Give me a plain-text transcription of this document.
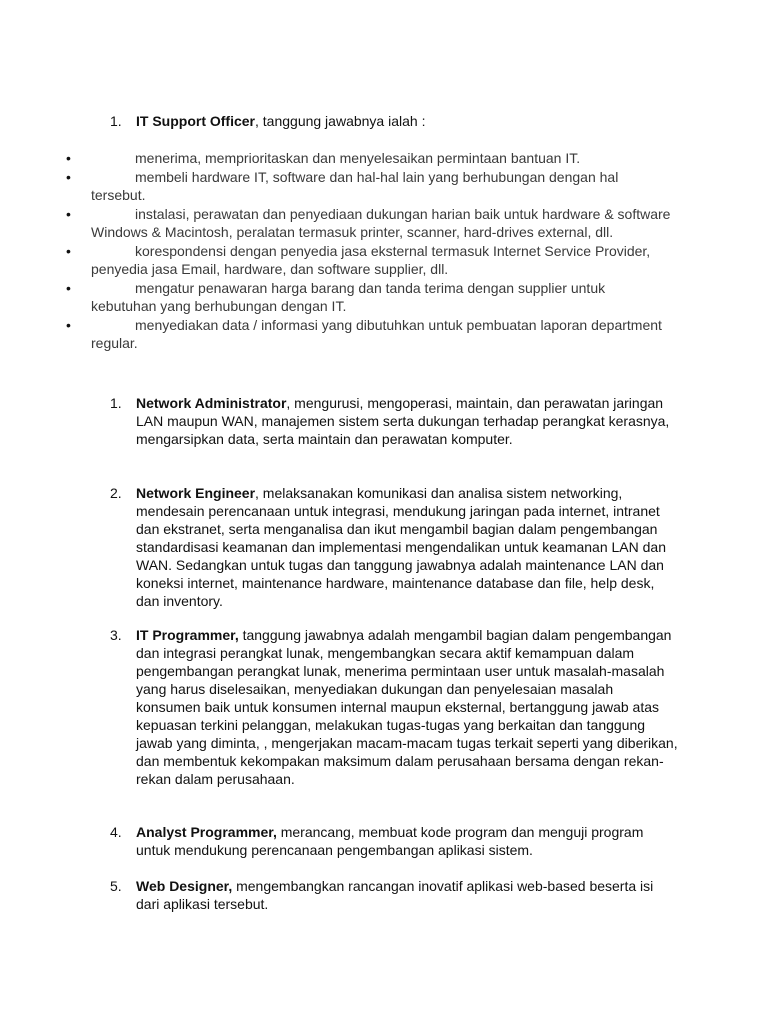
1. IT Support Officer, tanggung jawabnya ialah :

•	menerima, memprioritaskan dan menyelesaikan permintaan bantuan IT.

•	membeli hardware IT, software dan hal-hal lain yang berhubungan dengan hal tersebut.

•	instalasi, perawatan dan penyediaan dukungan harian baik untuk hardware & software Windows & Macintosh, peralatan termasuk printer, scanner, hard-drives external, dll.

•	korespondensi dengan penyedia jasa eksternal termasuk Internet Service Provider, penyedia jasa Email, hardware, dan software supplier, dll.

•	mengatur penawaran harga barang dan tanda terima dengan supplier untuk kebutuhan yang berhubungan dengan IT.

•	menyediakan data / informasi yang dibutuhkan untuk pembuatan laporan department regular.

1.	Network Administrator, mengurusi, mengoperasi, maintain, dan perawatan jaringan LAN maupun WAN, manajemen sistem serta dukungan terhadap perangkat kerasnya, mengarsipkan data, serta maintain dan perawatan komputer.
2.	Network Engineer, melaksanakan komunikasi dan analisa sistem networking, mendesain perencanaan untuk integrasi, mendukung jaringan pada internet, intranet dan ekstranet, serta menganalisa dan ikut mengambil bagian dalam pengembangan standardisasi keamanan dan implementasi mengendalikan untuk keamanan LAN dan WAN. Sedangkan untuk tugas dan tanggung jawabnya adalah maintenance LAN dan koneksi internet, maintenance hardware, maintenance database dan file, help desk, dan inventory.
3.	IT Programmer, tanggung jawabnya adalah mengambil bagian dalam pengembangan dan integrasi perangkat lunak, mengembangkan secara aktif kemampuan dalam pengembangan perangkat lunak, menerima permintaan user untuk masalah-masalah yang harus diselesaikan, menyediakan dukungan dan penyelesaian masalah konsumen baik untuk konsumen internal maupun eksternal, bertanggung jawab atas kepuasan terkini pelanggan, melakukan tugas-tugas yang berkaitan dan tanggung jawab yang diminta, , mengerjakan macam-macam tugas terkait seperti yang diberikan, dan membentuk kekompakan maksimum dalam perusahaan bersama dengan rekan-rekan dalam perusahaan.
4.	Analyst Programmer, merancang, membuat kode program dan menguji program untuk mendukung perencanaan pengembangan aplikasi sistem.
5.	Web Designer, mengembangkan rancangan inovatif aplikasi web-based beserta isi dari aplikasi tersebut.
